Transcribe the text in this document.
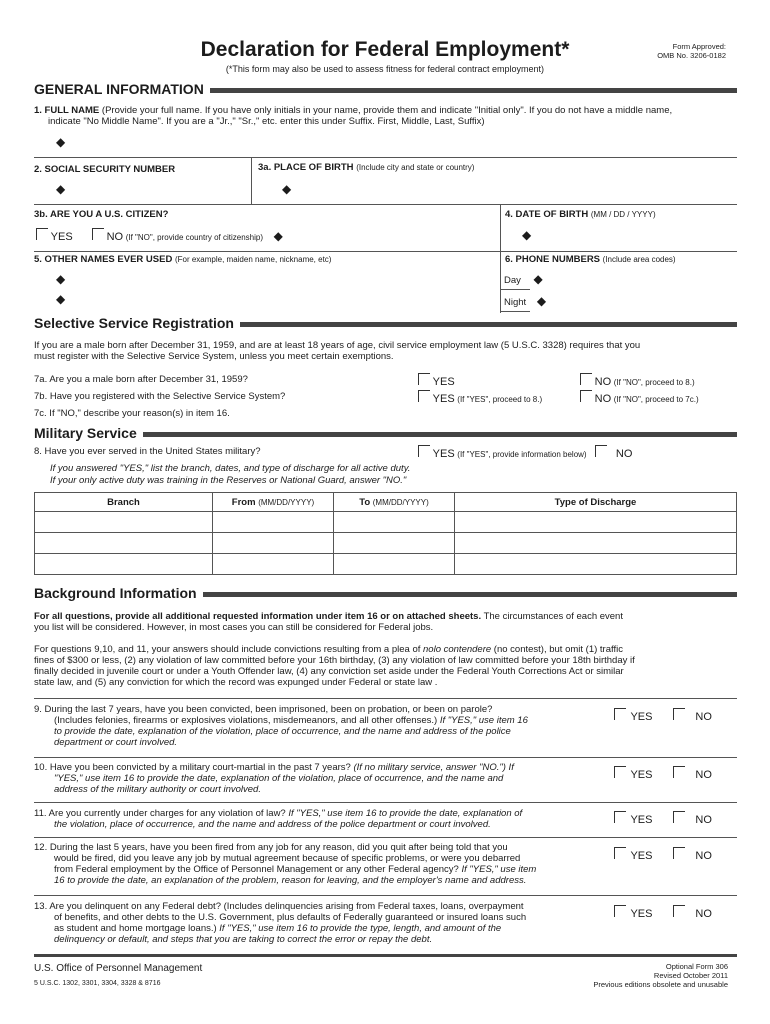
Declaration for Federal Employment*
(*This form may also be used to assess fitness for federal contract employment)
Form Approved:
OMB No. 3206-0182
GENERAL INFORMATION
1. FULL NAME (Provide your full name. If you have only initials in your name, provide them and indicate "Initial only". If you do not have a middle name,
indicate "No Middle Name". If you are a "Jr.," "Sr.," etc. enter this under Suffix. First, Middle, Last, Suffix)
◆
2. SOCIAL SECURITY NUMBER	3a. PLACE OF BIRTH (Include city and state or country)
◆	◆
3b. ARE YOU A U.S. CITIZEN?
YES	NO (If "NO", provide country of citizenship) ◆
4. DATE OF BIRTH (MM / DD / YYYY)
◆
5. OTHER NAMES EVER USED (For example, maiden name, nickname, etc)
◆
◆
6. PHONE NUMBERS (Include area codes)
Day ◆
Night ◆
Selective Service Registration
If you are a male born after December 31, 1959, and are at least 18 years of age, civil service employment law (5 U.S.C. 3328) requires that you
must register with the Selective Service System, unless you meet certain exemptions.
7a. Are you a male born after December 31, 1959?	YES	NO (If "NO", proceed to 8.)
7b. Have you registered with the Selective Service System?	YES (If "YES", proceed to 8.)	NO (If "NO", proceed to 7c.)
7c. If "NO," describe your reason(s) in item 16.
Military Service
8. Have you ever served in the United States military?	YES (If "YES", provide information below)	NO
If you answered "YES," list the branch, dates, and type of discharge for all active duty.
If your only active duty was training in the Reserves or National Guard, answer "NO."
Branch	From (MM/DD/YYYY)	To (MM/DD/YYYY)	Type of Discharge

Background Information
For all questions, provide all additional requested information under item 16 or on attached sheets. The circumstances of each event
you list will be considered. However, in most cases you can still be considered for Federal jobs.
For questions 9,10, and 11, your answers should include convictions resulting from a plea of nolo contendere (no contest), but omit (1) traffic
fines of $300 or less, (2) any violation of law committed before your 16th birthday, (3) any violation of law committed before your 18th birthday if
finally decided in juvenile court or under a Youth Offender law, (4) any conviction set aside under the Federal Youth Corrections Act or similar
state law, and (5) any conviction for which the record was expunged under Federal or state law .
9. During the last 7 years, have you been convicted, been imprisoned, been on probation, or been on parole?
(Includes felonies, firearms or explosives violations, misdemeanors, and all other offenses.) If "YES," use item 16
to provide the date, explanation of the violation, place of occurrence, and the name and address of the police
department or court involved.
YES	NO
10. Have you been convicted by a military court-martial in the past 7 years? (If no military service, answer "NO.") If
"YES," use item 16 to provide the date, explanation of the violation, place of occurrence, and the name and
address of the military authority or court involved.
YES	NO
11. Are you currently under charges for any violation of law? If "YES," use item 16 to provide the date, explanation of
the violation, place of occurrence, and the name and address of the police department or court involved.	YES	NO
12. During the last 5 years, have you been fired from any job for any reason, did you quit after being told that you
would be fired, did you leave any job by mutual agreement because of specific problems, or were you debarred
from Federal employment by the Office of Personnel Management or any other Federal agency? If "YES," use item
16 to provide the date, an explanation of the problem, reason for leaving, and the employer's name and address.
YES	NO
13. Are you delinquent on any Federal debt? (Includes delinquencies arising from Federal taxes, loans, overpayment
of benefits, and other debts to the U.S. Government, plus defaults of Federally guaranteed or insured loans such
as student and home mortgage loans.) If "YES," use item 16 to provide the type, length, and amount of the
delinquency or default, and steps that you are taking to correct the error or repay the debt.
YES	NO
U.S. Office of Personnel Management
5 U.S.C. 1302, 3301, 3304, 3328 & 8716
Optional Form 306
Revised October 2011
Previous editions obsolete and unusable
